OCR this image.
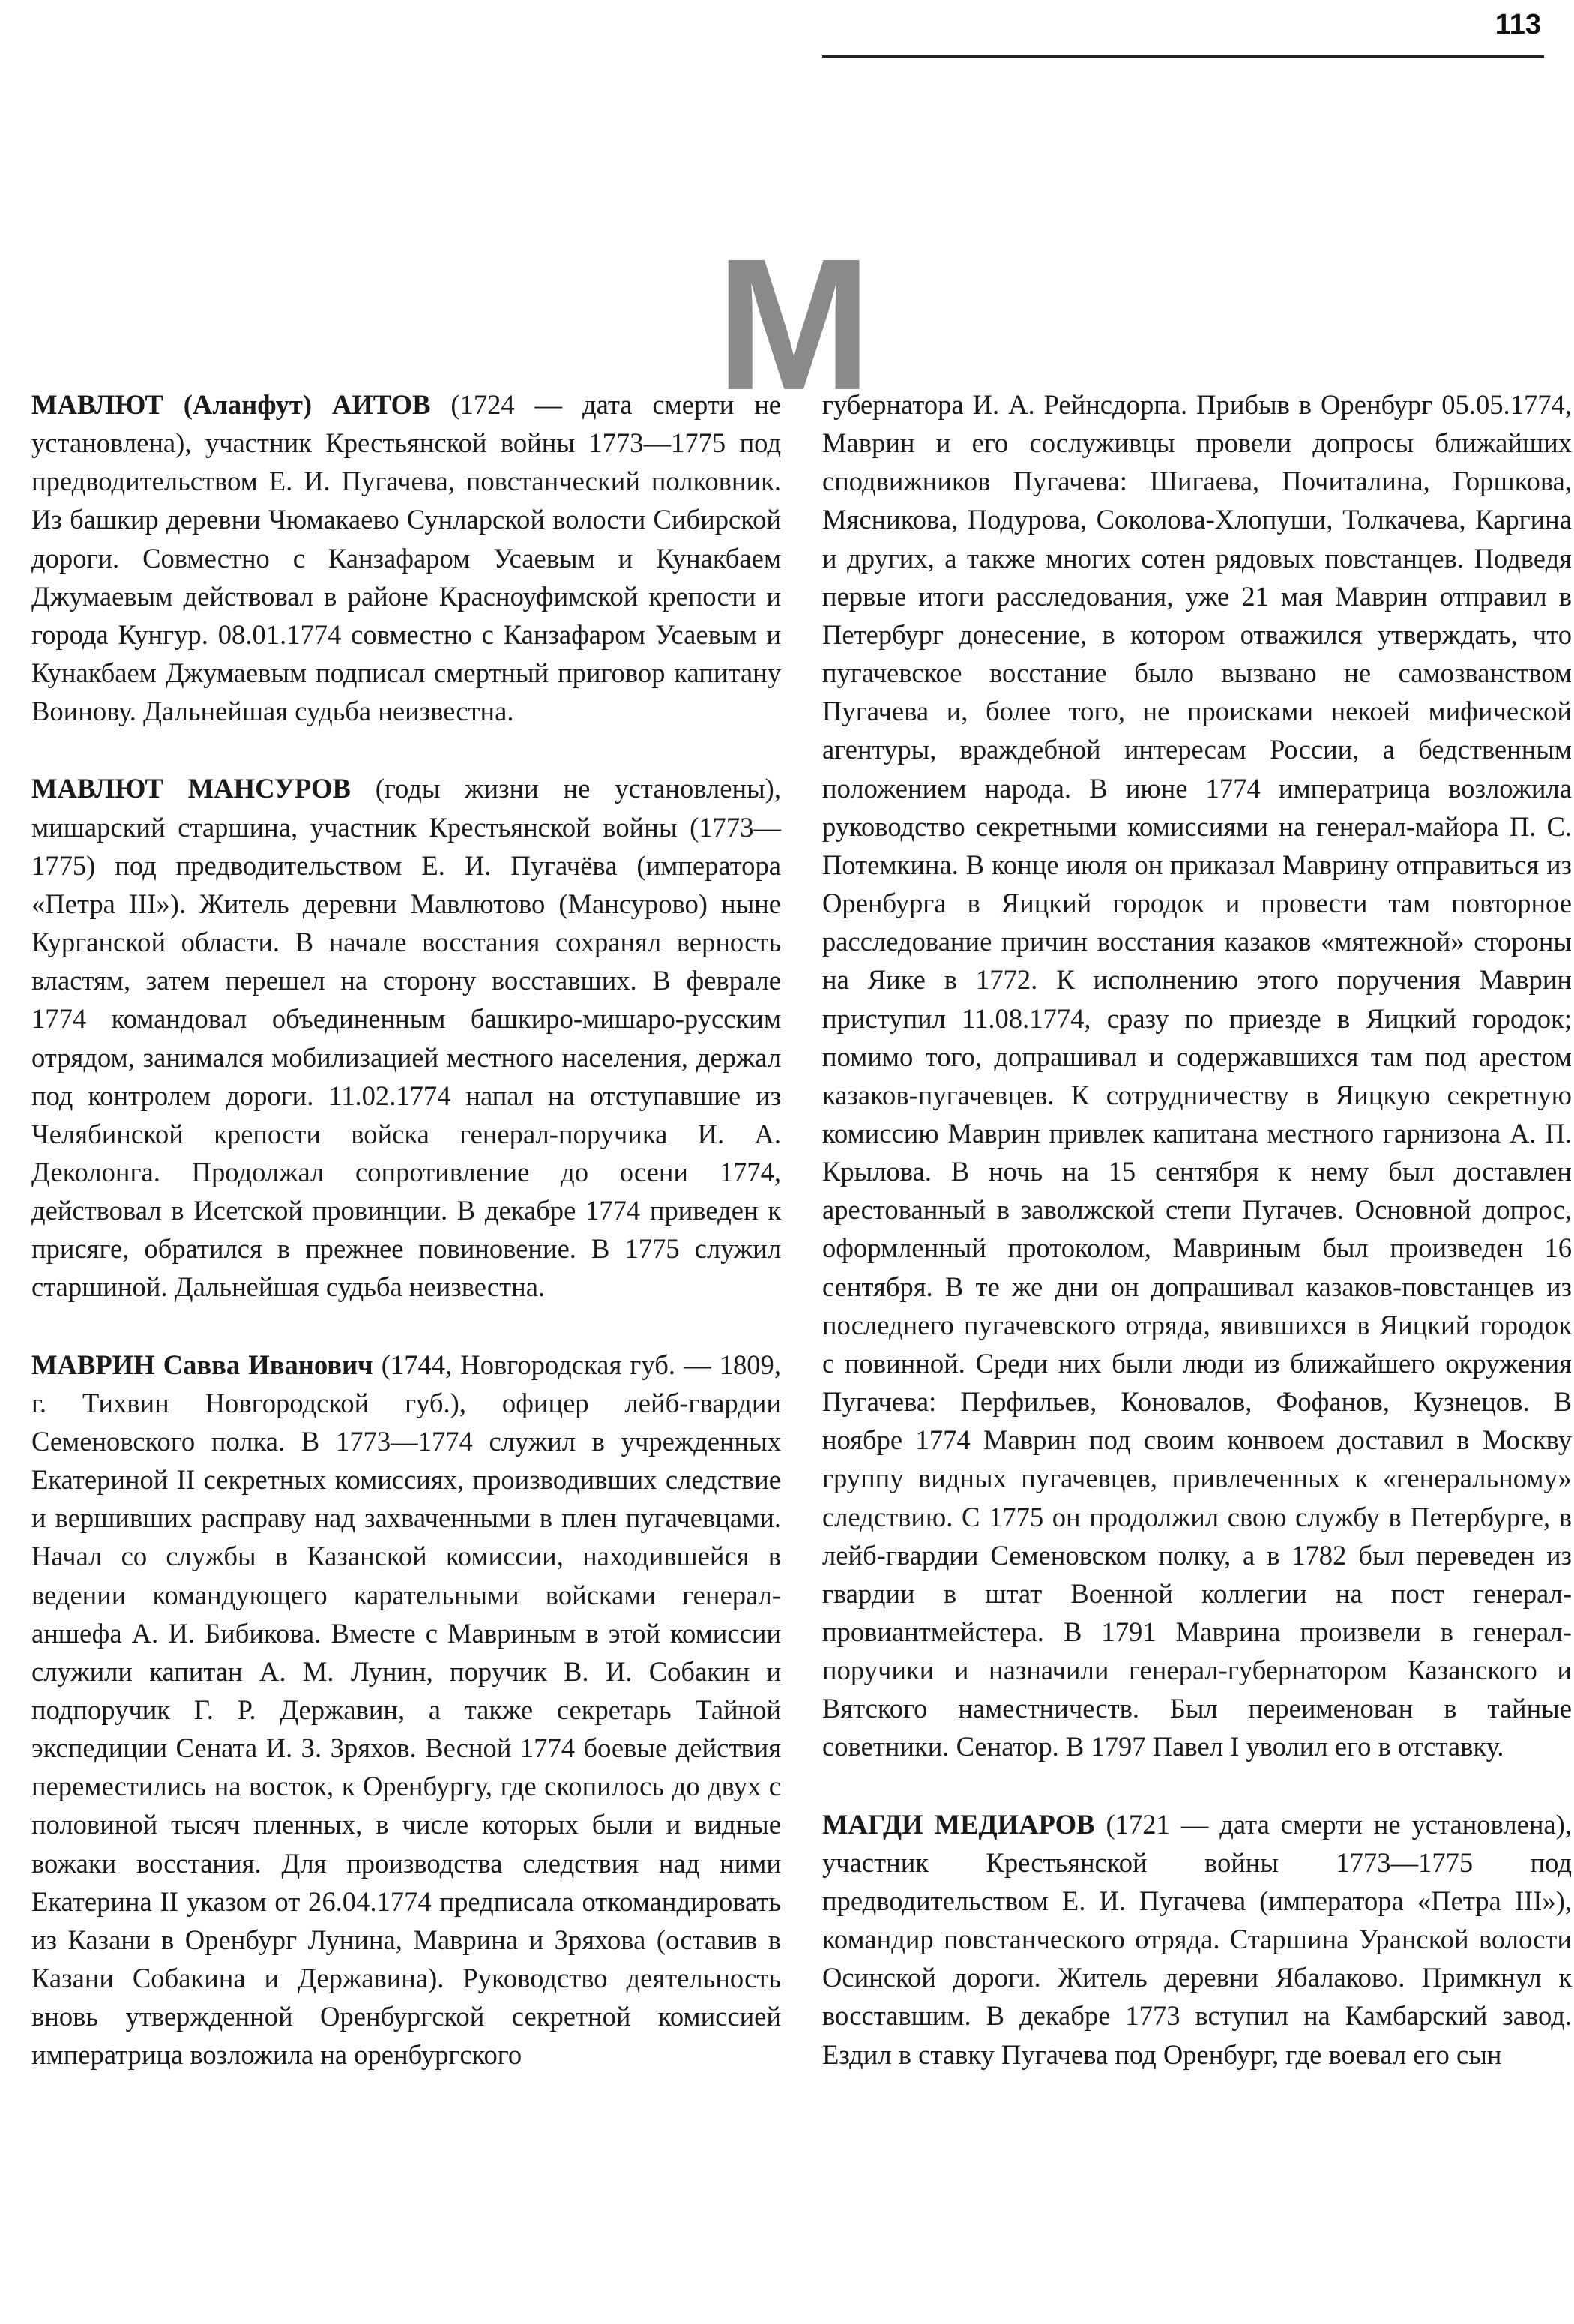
113
М

МАВЛЮТ (Аланфут) АИТОВ (1724 — дата смерти не установлена), участник Крестьянской войны 1773—1775 под предводительством Е. И. Пугачева, повстанческий полковник. Из башкир деревни Чюмакаево Сунларской волости Сибирской дороги. Совместно с Канзафаром Усаевым и Кунакбаем Джумаевым действовал в районе Красноуфимской крепости и города Кунгур. 08.01.1774 совместно с Канзафаром Усаевым и Кунакбаем Джумаевым подписал смертный приговор капитану Воинову. Дальнейшая судьба неизвестна.

МАВЛЮТ МАНСУРОВ (годы жизни не установлены), мишарский старшина, участник Крестьянской войны (1773—1775) под предводительством Е. И. Пугачёва (императора «Петра III»). Житель деревни Мавлютово (Мансурово) ныне Курганской области. В начале восстания сохранял верность властям, затем перешел на сторону восставших. В феврале 1774 командовал объединенным башкиро-мишаро-русским отрядом, занимался мобилизацией местного населения, держал под контролем дороги. 11.02.1774 напал на отступавшие из Челябинской крепости войска генерал-поручика И. А. Деколонга. Продолжал сопротивление до осени 1774, действовал в Исетской провинции. В декабре 1774 приведен к присяге, обратился в прежнее повиновение. В 1775 служил старшиной. Дальнейшая судьба неизвестна.

МАВРИН Савва Иванович (1744, Новгородская губ. — 1809, г. Тихвин Новгородской губ.), офицер лейб-гвардии Семеновского полка. В 1773—1774 служил в учрежденных Екатериной II секретных комиссиях, производивших следствие и вершивших расправу над захваченными в плен пугачевцами. Начал со службы в Казанской комиссии, находившейся в ведении командующего карательными войсками генерал-аншефа А. И. Бибикова. Вместе с Мавриным в этой комиссии служили капитан А. М. Лунин, поручик В. И. Собакин и подпоручик Г. Р. Державин, а также секретарь Тайной экспедиции Сената И. З. Зряхов. Весной 1774 боевые действия переместились на восток, к Оренбургу, где скопилось до двух с половиной тысяч пленных, в числе которых были и видные вожаки восстания. Для производства следствия над ними Екатерина II указом от 26.04.1774 предписала откомандировать из Казани в Оренбург Лунина, Маврина и Зряхова (оставив в Казани Собакина и Державина). Руководство деятельность вновь утвержденной Оренбургской секретной комиссией императрица возложила на оренбургского

губернатора И. А. Рейнсдорпа. Прибыв в Оренбург 05.05.1774, Маврин и его сослуживцы провели допросы ближайших сподвижников Пугачева: Шигаева, Почиталина, Горшкова, Мясникова, Подурова, Соколова-Хлопуши, Толкачева, Каргина и других, а также многих сотен рядовых повстанцев. Подведя первые итоги расследования, уже 21 мая Маврин отправил в Петербург донесение, в котором отважился утверждать, что пугачевское восстание было вызвано не самозванством Пугачева и, более того, не происками некоей мифической агентуры, враждебной интересам России, а бедственным положением народа. В июне 1774 императрица возложила руководство секретными комиссиями на генерал-майора П. С. Потемкина. В конце июля он приказал Маврину отправиться из Оренбурга в Яицкий городок и провести там повторное расследование причин восстания казаков «мятежной» стороны на Яике в 1772. К исполнению этого поручения Маврин приступил 11.08.1774, сразу по приезде в Яицкий городок; помимо того, допрашивал и содержавшихся там под арестом казаков-пугачевцев. К сотрудничеству в Яицкую секретную комиссию Маврин привлек капитана местного гарнизона А. П. Крылова. В ночь на 15 сентября к нему был доставлен арестованный в заволжской степи Пугачев. Основной допрос, оформленный протоколом, Мавриным был произведен 16 сентября. В те же дни он допрашивал казаков-повстанцев из последнего пугачевского отряда, явившихся в Яицкий городок с повинной. Среди них были люди из ближайшего окружения Пугачева: Перфильев, Коновалов, Фофанов, Кузнецов. В ноябре 1774 Маврин под своим конвоем доставил в Москву группу видных пугачевцев, привлеченных к «генеральному» следствию. С 1775 он продолжил свою службу в Петербурге, в лейб-гвардии Семеновском полку, а в 1782 был переведен из гвардии в штат Военной коллегии на пост генерал-провиантмейстера. В 1791 Маврина произвели в генерал-поручики и назначили генерал-губернатором Казанского и Вятского наместничеств. Был переименован в тайные советники. Сенатор. В 1797 Павел I уволил его в отставку.

МАГДИ МЕДИАРОВ (1721 — дата смерти не установлена), участник Крестьянской войны 1773—1775 под предводительством Е. И. Пугачева (императора «Петра III»), командир повстанческого отряда. Старшина Уранской волости Осинской дороги. Житель деревни Ябалаково. Примкнул к восставшим. В декабре 1773 вступил на Камбарский завод. Ездил в ставку Пугачева под Оренбург, где воевал его сын
